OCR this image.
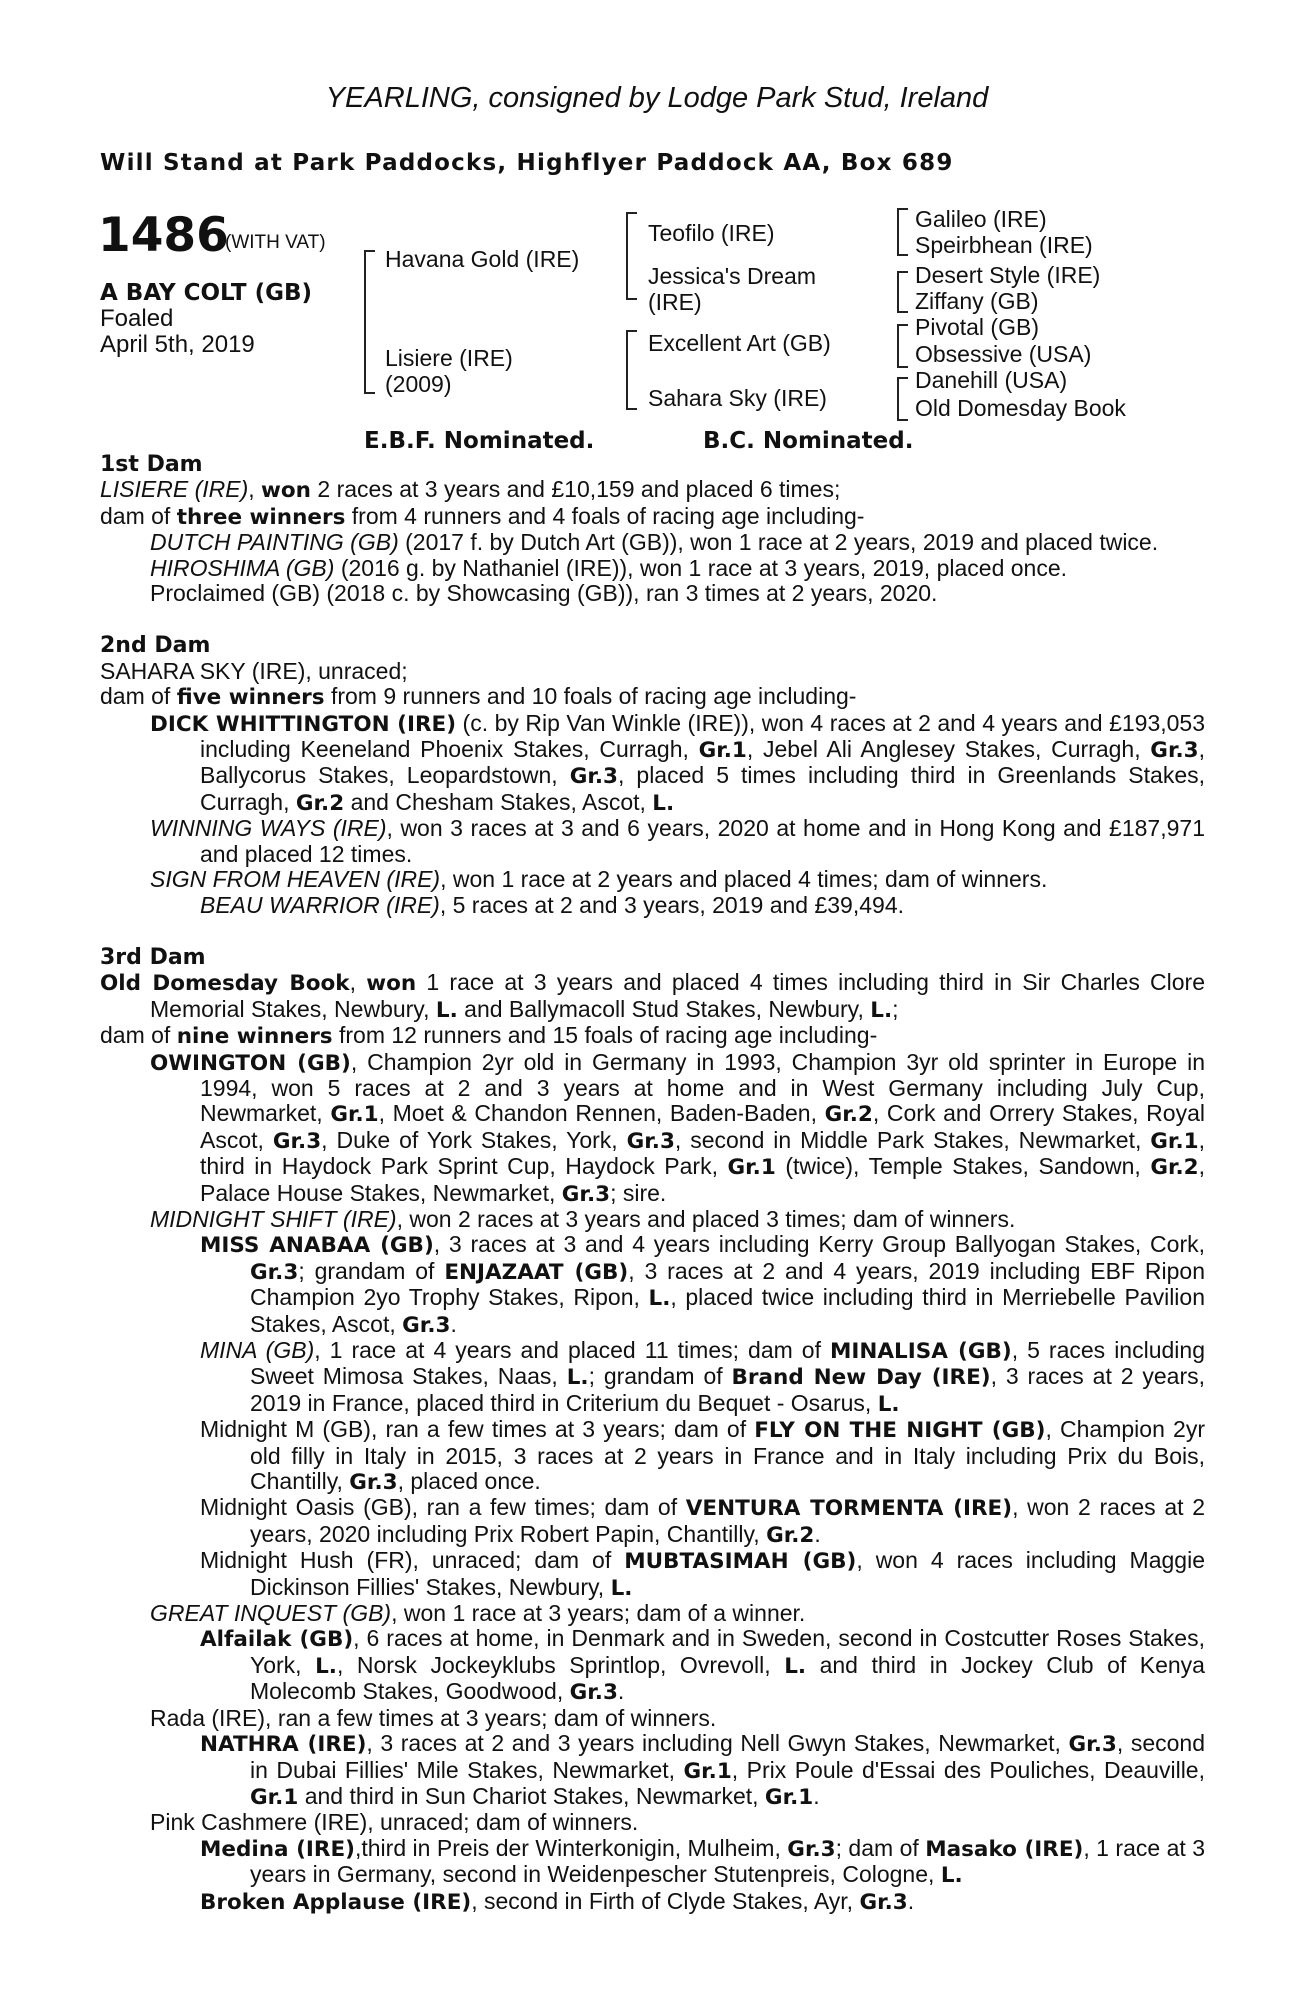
YEARLING, consigned by Lodge Park Stud, Ireland
Will Stand at Park Paddocks, Highflyer Paddock AA, Box 689
1486
(WITH VAT)
A BAY COLT (GB)
Foaled
April 5th, 2019
Havana Gold (IRE)
Lisiere (IRE)
(2009)
Teofilo (IRE)
Jessica's Dream
(IRE)
Excellent Art (GB)
Sahara Sky (IRE)
Galileo (IRE)
Speirbhean (IRE)
Desert Style (IRE)
Ziffany (GB)
Pivotal (GB)
Obsessive (USA)
Danehill (USA)
Old Domesday Book
E.B.F. Nominated.	B.C. Nominated.

1st Dam

LISIERE (IRE), won 2 races at 3 years and £10,159 and placed 6 times;

dam of three winners from 4 runners and 4 foals of racing age including-

DUTCH PAINTING (GB) (2017 f. by Dutch Art (GB)), won 1 race at 2 years, 2019 and placed twice.

HIROSHIMA (GB) (2016 g. by Nathaniel (IRE)), won 1 race at 3 years, 2019, placed once.

Proclaimed (GB) (2018 c. by Showcasing (GB)), ran 3 times at 2 years, 2020.

2nd Dam

SAHARA SKY (IRE), unraced;

dam of five winners from 9 runners and 10 foals of racing age including-

DICK WHITTINGTON (IRE) (c. by Rip Van Winkle (IRE)), won 4 races at 2 and 4 years and £193,053 including Keeneland Phoenix Stakes, Curragh, Gr.1, Jebel Ali Anglesey Stakes, Curragh, Gr.3, Ballycorus Stakes, Leopardstown, Gr.3, placed 5 times including third in Greenlands Stakes, Curragh, Gr.2 and Chesham Stakes, Ascot, L.

WINNING WAYS (IRE), won 3 races at 3 and 6 years, 2020 at home and in Hong Kong and £187,971 and placed 12 times.

SIGN FROM HEAVEN (IRE), won 1 race at 2 years and placed 4 times; dam of winners.

BEAU WARRIOR (IRE), 5 races at 2 and 3 years, 2019 and £39,494.

3rd Dam

Old Domesday Book, won 1 race at 3 years and placed 4 times including third in Sir Charles Clore Memorial Stakes, Newbury, L. and Ballymacoll Stud Stakes, Newbury, L.;

dam of nine winners from 12 runners and 15 foals of racing age including-

OWINGTON (GB), Champion 2yr old in Germany in 1993, Champion 3yr old sprinter in Europe in 1994, won 5 races at 2 and 3 years at home and in West Germany including July Cup, Newmarket, Gr.1, Moet & Chandon Rennen, Baden-Baden, Gr.2, Cork and Orrery Stakes, Royal Ascot, Gr.3, Duke of York Stakes, York, Gr.3, second in Middle Park Stakes, Newmarket, Gr.1, third in Haydock Park Sprint Cup, Haydock Park, Gr.1 (twice), Temple Stakes, Sandown, Gr.2, Palace House Stakes, Newmarket, Gr.3; sire.

MIDNIGHT SHIFT (IRE), won 2 races at 3 years and placed 3 times; dam of winners.

MISS ANABAA (GB), 3 races at 3 and 4 years including Kerry Group Ballyogan Stakes, Cork, Gr.3; grandam of ENJAZAAT (GB), 3 races at 2 and 4 years, 2019 including EBF Ripon Champion 2yo Trophy Stakes, Ripon, L., placed twice including third in Merriebelle Pavilion Stakes, Ascot, Gr.3.

MINA (GB), 1 race at 4 years and placed 11 times; dam of MINALISA (GB), 5 races including Sweet Mimosa Stakes, Naas, L.; grandam of Brand New Day (IRE), 3 races at 2 years, 2019 in France, placed third in Criterium du Bequet - Osarus, L.

Midnight M (GB), ran a few times at 3 years; dam of FLY ON THE NIGHT (GB), Champion 2yr old filly in Italy in 2015, 3 races at 2 years in France and in Italy including Prix du Bois, Chantilly, Gr.3, placed once.

Midnight Oasis (GB), ran a few times; dam of VENTURA TORMENTA (IRE), won 2 races at 2 years, 2020 including Prix Robert Papin, Chantilly, Gr.2.

Midnight Hush (FR), unraced; dam of MUBTASIMAH (GB), won 4 races including Maggie Dickinson Fillies' Stakes, Newbury, L.

GREAT INQUEST (GB), won 1 race at 3 years; dam of a winner.

Alfailak (GB), 6 races at home, in Denmark and in Sweden, second in Costcutter Roses Stakes, York, L., Norsk Jockeyklubs Sprintlop, Ovrevoll, L. and third in Jockey Club of Kenya Molecomb Stakes, Goodwood, Gr.3.

Rada (IRE), ran a few times at 3 years; dam of winners.

NATHRA (IRE), 3 races at 2 and 3 years including Nell Gwyn Stakes, Newmarket, Gr.3, second in Dubai Fillies' Mile Stakes, Newmarket, Gr.1, Prix Poule d'Essai des Pouliches, Deauville, Gr.1 and third in Sun Chariot Stakes, Newmarket, Gr.1.

Pink Cashmere (IRE), unraced; dam of winners.

Medina (IRE),third in Preis der Winterkonigin, Mulheim, Gr.3; dam of Masako (IRE), 1 race at 3 years in Germany, second in Weidenpescher Stutenpreis, Cologne, L.

Broken Applause (IRE), second in Firth of Clyde Stakes, Ayr, Gr.3.
